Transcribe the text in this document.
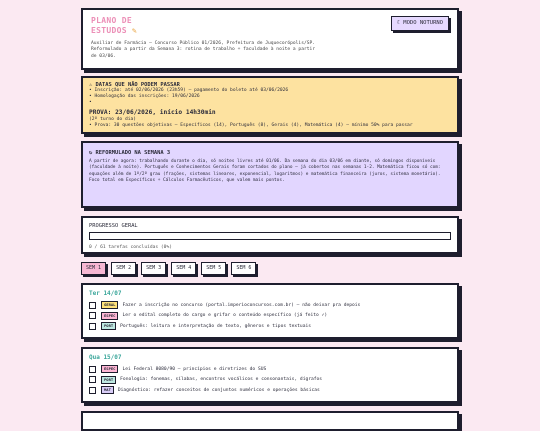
PLANO DE
ESTUDOS ✎
Auxiliar de Farmácia — Concurso Público 01/2026, Prefeitura de Juquecorópolis/SP. Reformulado a partir da Semana 3: rotina de trabalho + faculdade à noite a partir de 03/06.
☾ MODO NOTURNO
⚠ DATAS QUE NÃO PODEM PASSAR
• Inscrição: até 02/06/2026 (23h59) — pagamento do boleto até 03/06/2026
• Homologação das inscrições: 19/06/2026
•
PROVA: 23/06/2026, início 14h30min
(2º turno do dia)
• Prova: 30 questões objetivas — Específicos (14), Português (8), Gerais (4), Matemática (4) — mínimo 50% para passar
↻ REFORMULADO NA SEMANA 3
A partir de agora: trabalhando durante o dia, só noites livres até 01/06. Da semana do dia 03/06 em diante, só domingos disponíveis (faculdade à noite). Português e Conhecimentos Gerais foram cortados do plano — já cobertos nas semanas 1-2. Matemática ficou só com: equações além de 1º/2º grau (frações, sistemas lineares, exponencial, logaritmos) e matemática financeira (juros, sistema monetário). Foco total em Específicos + Cálculos Farmacêuticos, que valem mais pontos.
PROGRESSO GERAL
0 / 61 tarefas concluídas (0%)
SEM 1	SEM 2	SEM 3	SEM 4	SEM 5	SEM 6
Ter 14/07
GERAL	Fazer a inscrição no concurso (portal.imperioconcursos.com.br) — não deixar pra depois
ESPEC	Ler o edital completo do cargo e grifar o conteúdo específico (já feito ✓)
PORT	Português: leitura e interpretação de texto, gêneros e tipos textuais
Qua 15/07
ESPEC	Lei Federal 8080/90 — princípios e diretrizes do SUS
PORT	Fonologia: fonemas, sílabas, encontros vocálicos e consonantais, dígrafos
MAT	Diagnóstico: refazer conceitos de conjuntos numéricos e operações básicas
